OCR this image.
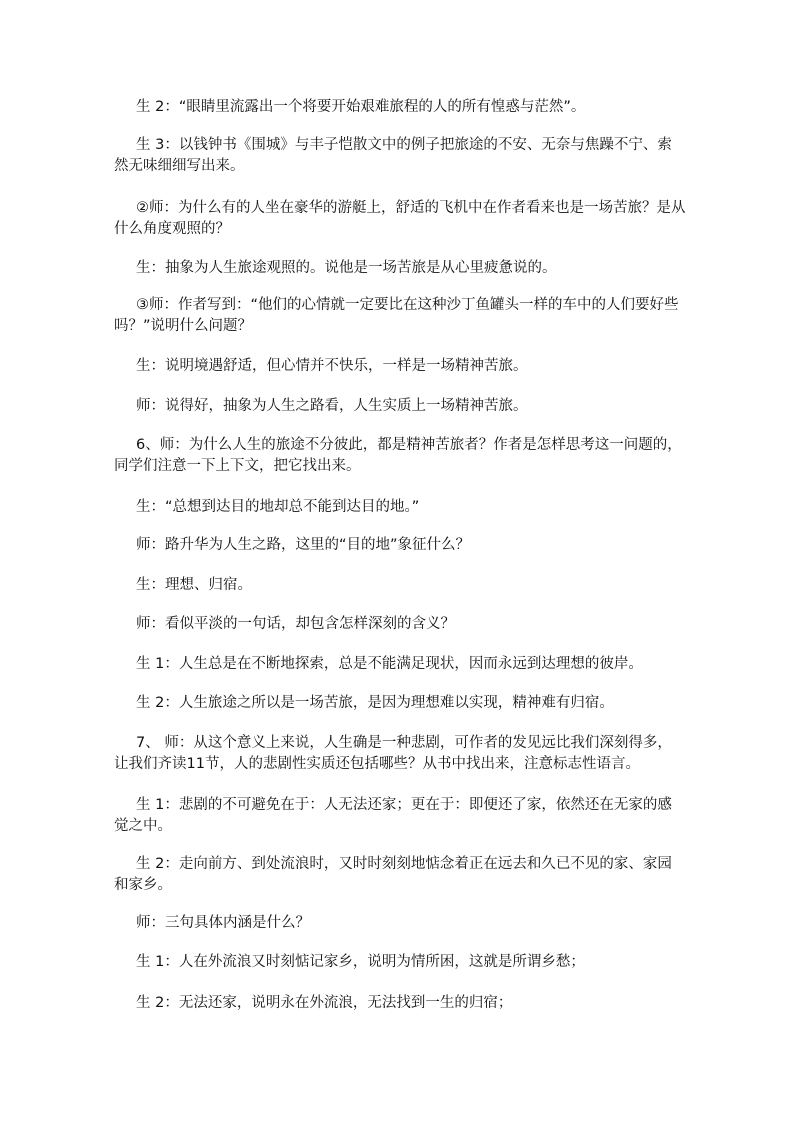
生 2：“眼睛里流露出一个将要开始艰难旅程的人的所有惶惑与茫然”。

生 3：以钱钟书《围城》与丰子恺散文中的例子把旅途的不安、无奈与焦躁不宁、索然无味细细写出来。

②师：为什么有的人坐在豪华的游艇上，舒适的飞机中在作者看来也是一场苦旅？是从什么角度观照的？

生：抽象为人生旅途观照的。说他是一场苦旅是从心里疲惫说的。

③师：作者写到：“他们的心情就一定要比在这种沙丁鱼罐头一样的车中的人们要好些吗？”说明什么问题？

生：说明境遇舒适，但心情并不快乐，一样是一场精神苦旅。

师：说得好，抽象为人生之路看，人生实质上一场精神苦旅。

6、师：为什么人生的旅途不分彼此，都是精神苦旅者？作者是怎样思考这一问题的，同学们注意一下上下文，把它找出来。

生：“总想到达目的地却总不能到达目的地。”

师：路升华为人生之路，这里的“目的地”象征什么？

生：理想、归宿。

师：看似平淡的一句话，却包含怎样深刻的含义？

生 1：人生总是在不断地探索，总是不能满足现状，因而永远到达理想的彼岸。

生 2：人生旅途之所以是一场苦旅，是因为理想难以实现，精神难有归宿。

7、 师：从这个意义上来说，人生确是一种悲剧，可作者的发见远比我们深刻得多，让我们齐读11节，人的悲剧性实质还包括哪些？从书中找出来，注意标志性语言。

生 1：悲剧的不可避免在于：人无法还家；更在于：即便还了家，依然还在无家的感觉之中。

生 2：走向前方、到处流浪时，又时时刻刻地惦念着正在远去和久已不见的家、家园和家乡。

师：三句具体内涵是什么？

生 1：人在外流浪又时刻惦记家乡，说明为情所困，这就是所谓乡愁；

生 2：无法还家，说明永在外流浪，无法找到一生的归宿；
